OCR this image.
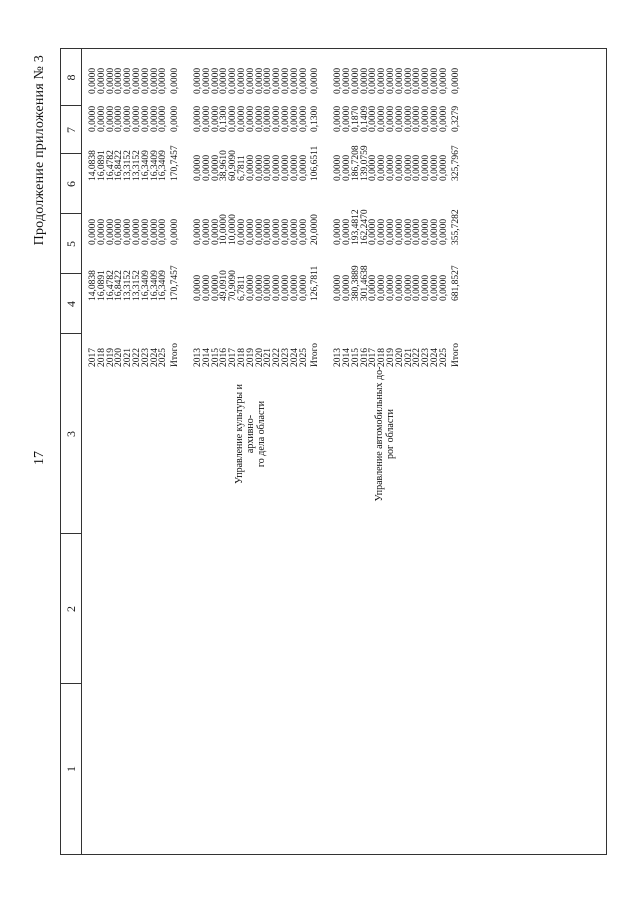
17
Продолжение приложения № 3
1
2
3
4
5
6
7
8
2017
14,0838
0,0000
14,0838
0,0000
0,0000
2018
16,0891
0,0000
16,0891
0,0000
0,0000
2019
16,4782
0,0000
16,4782
0,0000
0,0000
2020
16,8422
0,0000
16,8422
0,0000
0,0000
2021
13,3152
0,0000
13,3152
0,0000
0,0000
2022
13,3152
0,0000
13,3152
0,0000
0,0000
2023
16,3409
0,0000
16,3409
0,0000
0,0000
2024
16,3409
0,0000
16,3409
0,0000
0,0000
2025
16,3409
0,0000
16,3409
0,0000
0,0000
Итого
170,7457
0,0000
170,7457
0,0000
0,0000
2013
0,0000
0,0000
0,0000
0,0000
0,0000
2014
0,0000
0,0000
0,0000
0,0000
0,0000
2015
0,0000
0,0000
0,0000
0,0000
0,0000
2016
49,0910
10,0000
38,9610
0,1300
0,0000
2017
70,9090
10,0000
60,9090
0,0000
0,0000
2018
6,7811
0,0000
6,7811
0,0000
0,0000
2019
0,0000
0,0000
0,0000
0,0000
0,0000
2020
0,0000
0,0000
0,0000
0,0000
0,0000
2021
0,0000
0,0000
0,0000
0,0000
0,0000
2022
0,0000
0,0000
0,0000
0,0000
0,0000
2023
0,0000
0,0000
0,0000
0,0000
0,0000
2024
0,0000
0,0000
0,0000
0,0000
0,0000
2025
0,0000
0,0000
0,0000
0,0000
0,0000
Итого
126,7811
20,0000
106,6511
0,1300
0,0000
Управление культуры и архивно-
го дела области
2013
0,0000
0,0000
0,0000
0,0000
0,0000
2014
0,0000
0,0000
0,0000
0,0000
0,0000
2015
380,3889
193,4812
186,7208
0,1870
0,0000
2016
301,4638
162,2470
139,0759
0,1409
0,0000
2017
0,0000
0,0000
0,0000
0,0000
0,0000
2018
0,0000
0,0000
0,0000
0,0000
0,0000
2019
0,0000
0,0000
0,0000
0,0000
0,0000
2020
0,0000
0,0000
0,0000
0,0000
0,0000
2021
0,0000
0,0000
0,0000
0,0000
0,0000
2022
0,0000
0,0000
0,0000
0,0000
0,0000
2023
0,0000
0,0000
0,0000
0,0000
0,0000
2024
0,0000
0,0000
0,0000
0,0000
0,0000
2025
0,0000
0,0000
0,0000
0,0000
0,0000
Итого
681,8527
355,7282
325,7967
0,3279
0,0000
Управление автомобильных до-
рог области
